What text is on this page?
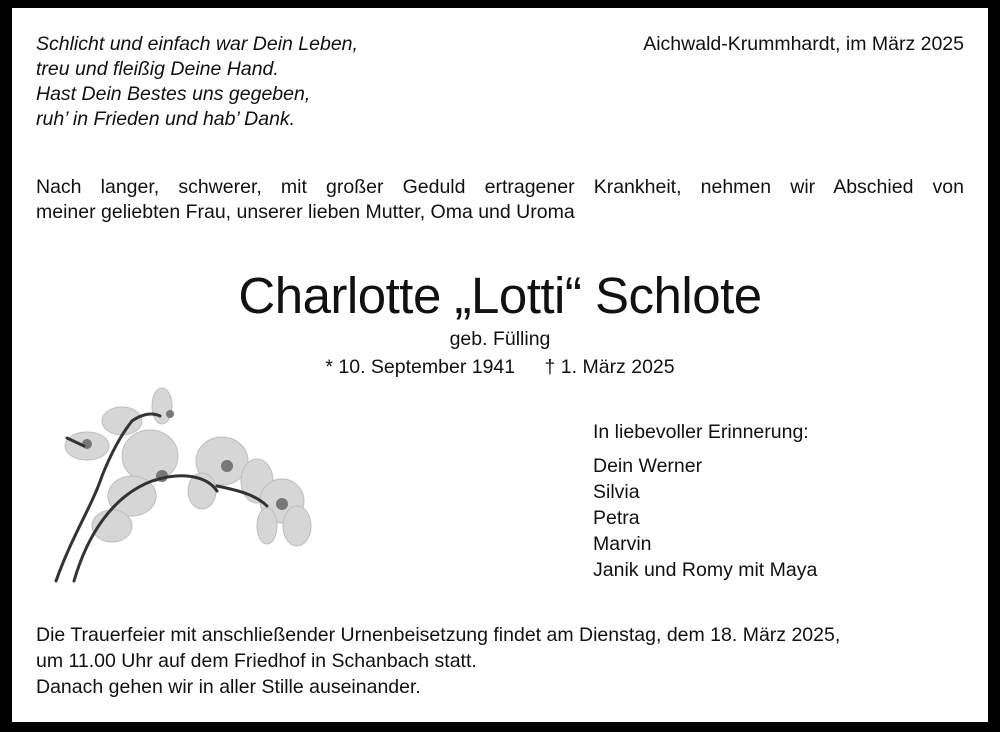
Schlicht und einfach war Dein Leben,
treu und fleißig Deine Hand.
Hast Dein Bestes uns gegeben,
ruh’ in Frieden und hab’ Dank.
Aichwald-Krummhardt, im März 2025
Nach langer, schwerer, mit großer Geduld ertragener Krankheit, nehmen wir Abschied von
meiner geliebten Frau, unserer lieben Mutter, Oma und Uroma
Charlotte „Lotti“ Schlote
geb. Fülling
* 10. September 1941 † 1. März 2025
In liebevoller Erinnerung:
Dein Werner
Silvia
Petra
Marvin
Janik und Romy mit Maya
Die Trauerfeier mit anschließender Urnenbeisetzung findet am Dienstag, dem 18. März 2025,
um 11.00 Uhr auf dem Friedhof in Schanbach statt.
Danach gehen wir in aller Stille auseinander.
